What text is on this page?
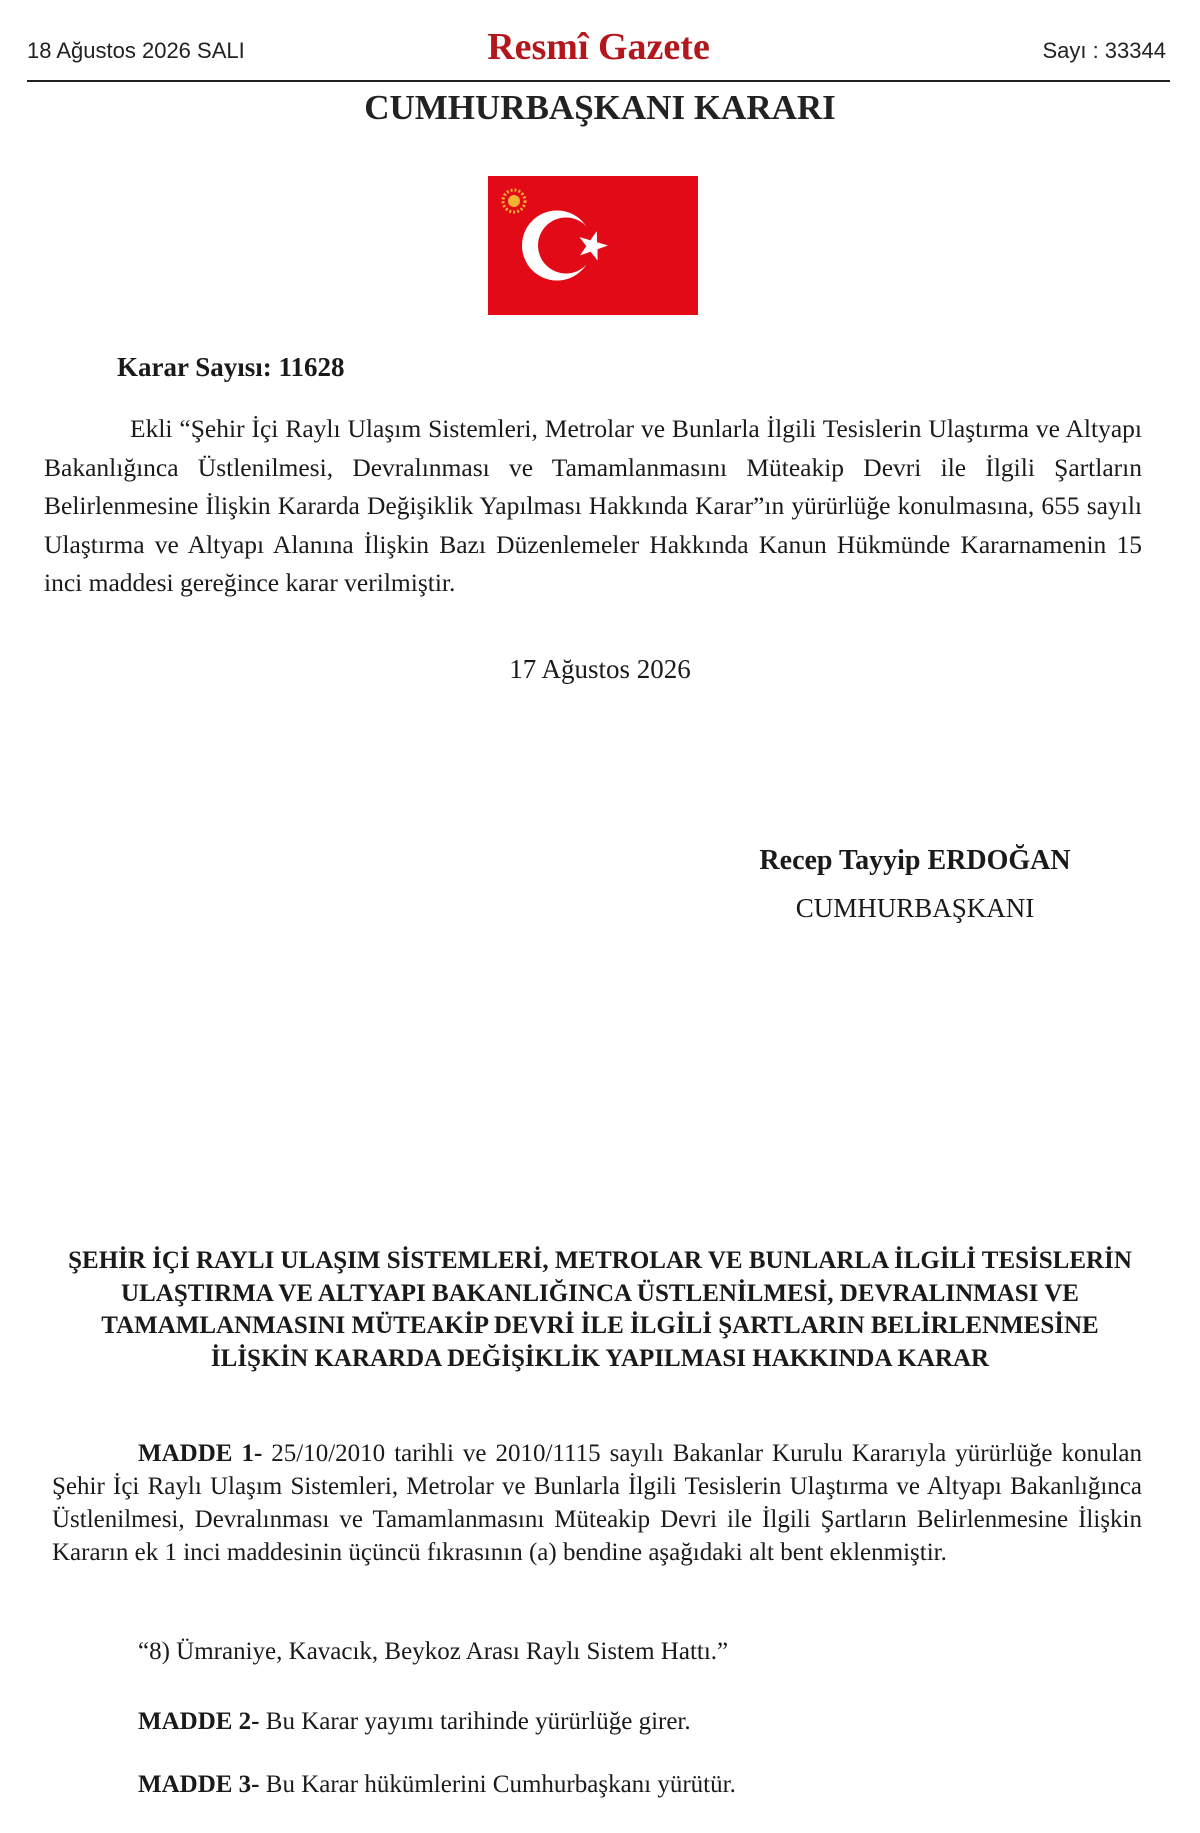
18 Ağustos 2026 SALI	Resmî Gazete	Sayı : 33344
CUMHURBAŞKANI KARARI
Karar Sayısı: 11628

Ekli “Şehir İçi Raylı Ulaşım Sistemleri, Metrolar ve Bunlarla İlgili Tesislerin Ulaştırma ve Altyapı Bakanlığınca Üstlenilmesi, Devralınması ve Tamamlanmasını Müteakip Devri ile İlgili Şartların Belirlenmesine İlişkin Kararda Değişiklik Yapılması Hakkında Karar”ın yürürlüğe konulmasına, 655 sayılı Ulaştırma ve Altyapı Alanına İlişkin Bazı Düzenlemeler Hakkında Kanun Hükmünde Kararnamenin 15 inci maddesi gereğince karar verilmiştir.

17 Ağustos 2026
Recep Tayyip ERDOĞAN
CUMHURBAŞKANI

ŞEHİR İÇİ RAYLI ULAŞIM SİSTEMLERİ, METROLAR VE BUNLARLA İLGİLİ TESİSLERİN ULAŞTIRMA VE ALTYAPI BAKANLIĞINCA ÜSTLENİLMESİ, DEVRALINMASI VE TAMAMLANMASINI MÜTEAKİP DEVRİ İLE İLGİLİ ŞARTLARIN BELİRLENMESİNE İLİŞKİN KARARDA DEĞİŞİKLİK YAPILMASI HAKKINDA KARAR

MADDE 1- 25/10/2010 tarihli ve 2010/1115 sayılı Bakanlar Kurulu Kararıyla yürürlüğe konulan Şehir İçi Raylı Ulaşım Sistemleri, Metrolar ve Bunlarla İlgili Tesislerin Ulaştırma ve Altyapı Bakanlığınca Üstlenilmesi, Devralınması ve Tamamlanmasını Müteakip Devri ile İlgili Şartların Belirlenmesine İlişkin Kararın ek 1 inci maddesinin üçüncü fıkrasının (a) bendine aşağıdaki alt bent eklenmiştir.

“8) Ümraniye, Kavacık, Beykoz Arası Raylı Sistem Hattı.”

MADDE 2- Bu Karar yayımı tarihinde yürürlüğe girer.

MADDE 3- Bu Karar hükümlerini Cumhurbaşkanı yürütür.
